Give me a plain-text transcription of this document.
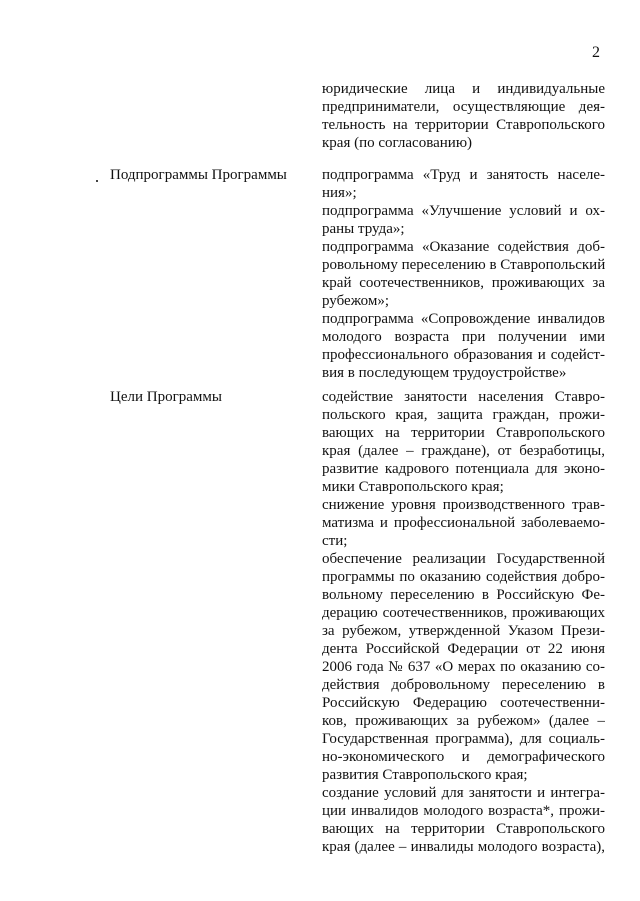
2
юридические лица и индивидуальные
предприниматели, осуществляющие дея-
тельность на территории Ставропольского
края (по согласованию)
Подпрограммы Программы подпрограмма «Труд и занятость населе-
ния»;
подпрограмма «Улучшение условий и ох-
раны труда»;
подпрограмма «Оказание содействия доб-
ровольному переселению в Ставропольский
край соотечественников, проживающих за
рубежом»;
подпрограмма «Сопровождение инвалидов
молодого возраста при получении ими
профессионального образования и содейст-
вия в последующем трудоустройстве»
Цели Программы	содействие занятости населения Ставро-
польского края, защита граждан, прожи-
вающих на территории Ставропольского
края (далее – граждане), от безработицы,
развитие кадрового потенциала для эконо-
мики Ставропольского края;
снижение уровня производственного трав-
матизма и профессиональной заболеваемо-
сти;
обеспечение реализации Государственной
программы по оказанию содействия добро-
вольному переселению в Российскую Фе-
дерацию соотечественников, проживающих
за рубежом, утвержденной Указом Прези-
дента Российской Федерации от 22 июня
2006 года № 637 «О мерах по оказанию со-
действия добровольному переселению в
Российскую Федерацию соотечественни-
ков, проживающих за рубежом» (далее –
Государственная программа), для социаль-
но-экономического и демографического
развития Ставропольского края;
создание условий для занятости и интегра-
ции инвалидов молодого возраста*, прожи-
вающих на территории Ставропольского
края (далее – инвалиды молодого возраста),
